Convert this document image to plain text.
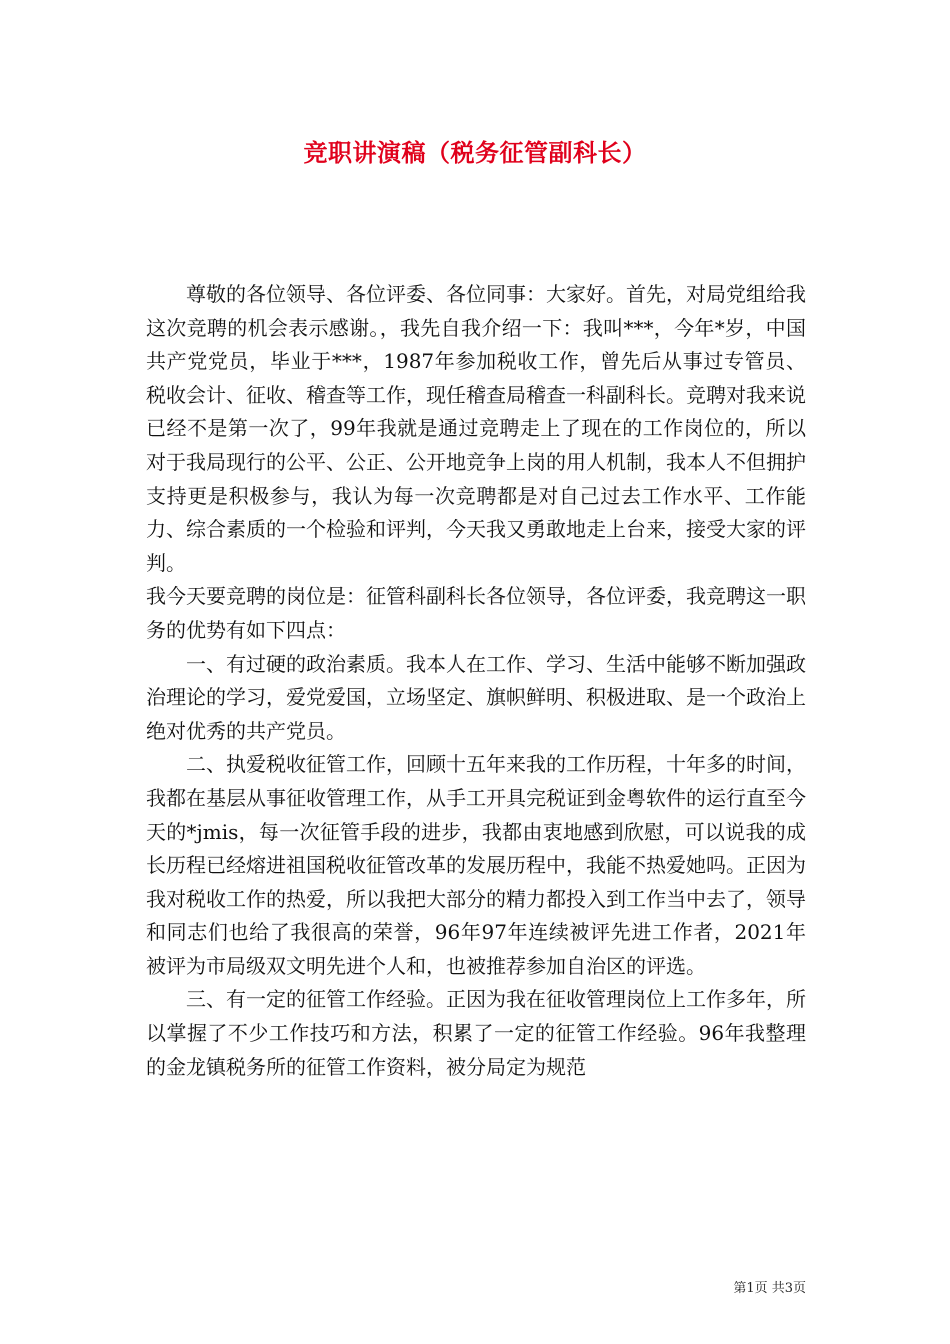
竞职讲演稿（税务征管副科长）

尊敬的各位领导、各位评委、各位同事：大家好。首先，对局党组给我这次竞聘的机会表示感谢。，我先自我介绍一下：我叫***，今年*岁，中国共产党党员，毕业于***，1987年参加税收工作，曾先后从事过专管员、税收会计、征收、稽查等工作，现任稽查局稽查一科副科长。竞聘对我来说已经不是第一次了，99年我就是通过竞聘走上了现在的工作岗位的，所以对于我局现行的公平、公正、公开地竞争上岗的用人机制，我本人不但拥护支持更是积极参与，我认为每一次竞聘都是对自己过去工作水平、工作能力、综合素质的一个检验和评判，今天我又勇敢地走上台来，接受大家的评判。

我今天要竞聘的岗位是：征管科副科长各位领导，各位评委，我竞聘这一职务的优势有如下四点：

一、有过硬的政治素质。我本人在工作、学习、生活中能够不断加强政治理论的学习，爱党爱国，立场坚定、旗帜鲜明、积极进取、是一个政治上绝对优秀的共产党员。

二、执爱税收征管工作，回顾十五年来我的工作历程，十年多的时间，我都在基层从事征收管理工作，从手工开具完税证到金粤软件的运行直至今天的*jmis，每一次征管手段的进步，我都由衷地感到欣慰，可以说我的成长历程已经熔进祖国税收征管改革的发展历程中，我能不热爱她吗。正因为我对税收工作的热爱，所以我把大部分的精力都投入到工作当中去了，领导和同志们也给了我很高的荣誉，96年97年连续被评先进工作者，2021年被评为市局级双文明先进个人和，也被推荐参加自治区的评选。

三、有一定的征管工作经验。正因为我在征收管理岗位上工作多年，所以掌握了不少工作技巧和方法，积累了一定的征管工作经验。96年我整理的金龙镇税务所的征管工作资料，被分局定为规范

第1页 共3页
